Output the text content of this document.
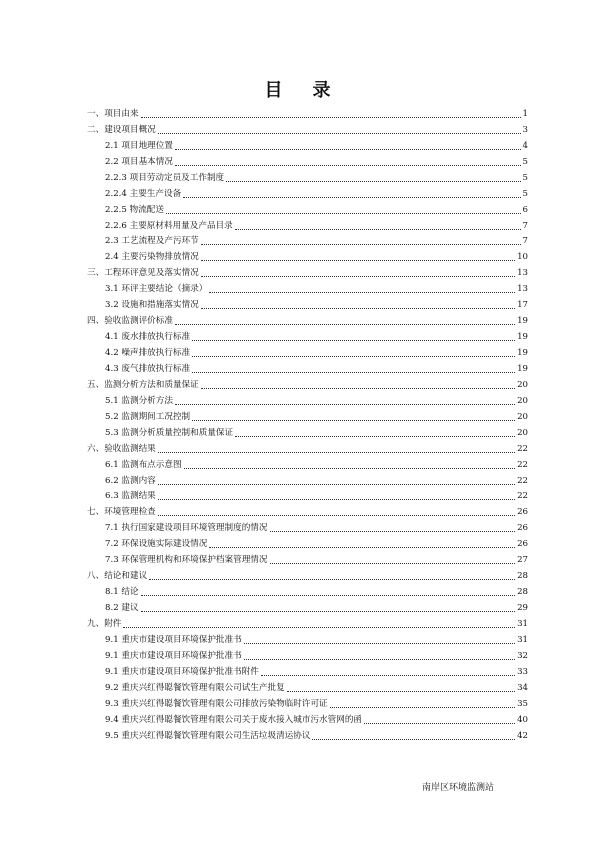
目 录
一、项目由来	1
二、建设项目概况	3
2.1 项目地理位置	4
2.2 项目基本情况	5
2.2.3 项目劳动定员及工作制度	5
2.2.4 主要生产设备	5
2.2.5 物流配送	6
2.2.6 主要原材料用量及产品目录	7
2.3 工艺流程及产污环节	7
2.4 主要污染物排放情况	10
三、工程环评意见及落实情况	13
3.1 环评主要结论（摘录）	13
3.2 设施和措施落实情况	17
四、验收监测评价标准	19
4.1 废水排放执行标准	19
4.2 噪声排放执行标准	19
4.3 废气排放执行标准	19
五、监测分析方法和质量保证	20
5.1 监测分析方法	20
5.2 监测期间工况控制	20
5.3 监测分析质量控制和质量保证	20
六、验收监测结果	22
6.1 监测布点示意图	22
6.2 监测内容	22
6.3 监测结果	22
七、环境管理检查	26
7.1 执行国家建设项目环境管理制度的情况	26
7.2 环保设施实际建设情况	26
7.3 环保管理机构和环境保护档案管理情况	27
八、结论和建议	28
8.1 结论	28
8.2 建议	29
九、附件	31
9.1 重庆市建设项目环境保护批准书	31
9.1 重庆市建设项目环境保护批准书	32
9.1 重庆市建设项目环境保护批准书附件	33
9.2 重庆兴红得聪餐饮管理有限公司试生产批复	34
9.3 重庆兴红得聪餐饮管理有限公司排放污染物临时许可证	35
9.4 重庆兴红得聪餐饮管理有限公司关于废水接入城市污水管网的函	40
9.5 重庆兴红得聪餐饮管理有限公司生活垃圾清运协议	42
南岸区环境监测站
